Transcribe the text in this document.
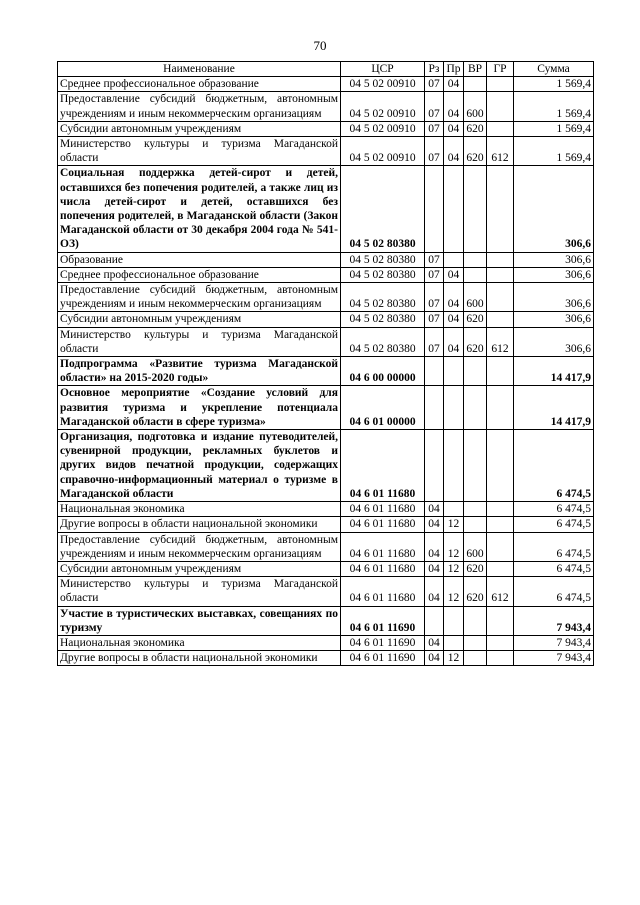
70
Наименование	ЦСР	Рз	Пр	ВР	ГР	Сумма
Среднее профессиональное образование	04 5 02 00910	07	04			1 569,4
Предоставление субсидий бюджетным, автономным учреждениям и иным некоммерческим организациям	04 5 02 00910	07	04	600		1 569,4
Субсидии автономным учреждениям	04 5 02 00910	07	04	620		1 569,4
Министерство культуры и туризма Магаданской области	04 5 02 00910	07	04	620	612	1 569,4
Социальная поддержка детей-сирот и детей, оставшихся без попечения родителей, а также лиц из числа детей-сирот и детей, оставшихся без попечения родителей, в Магаданской области (Закон Магаданской области от 30 декабря 2004 года № 541-ОЗ)	04 5 02 80380					306,6
Образование	04 5 02 80380	07				306,6
Среднее профессиональное образование	04 5 02 80380	07	04			306,6
Предоставление субсидий бюджетным, автономным учреждениям и иным некоммерческим организациям	04 5 02 80380	07	04	600		306,6
Субсидии автономным учреждениям	04 5 02 80380	07	04	620		306,6
Министерство культуры и туризма Магаданской области	04 5 02 80380	07	04	620	612	306,6
Подпрограмма «Развитие туризма Магаданской области» на 2015-2020 годы»	04 6 00 00000					14 417,9
Основное мероприятие «Создание условий для развития туризма и укрепление потенциала Магаданской области в сфере туризма»	04 6 01 00000					14 417,9
Организация, подготовка и издание путеводителей, сувенирной продукции, рекламных буклетов и других видов печатной продукции, содержащих справочно-информационный материал о туризме в Магаданской области	04 6 01 11680					6 474,5
Национальная экономика	04 6 01 11680	04				6 474,5
Другие вопросы в области национальной экономики	04 6 01 11680	04	12			6 474,5
Предоставление субсидий бюджетным, автономным учреждениям и иным некоммерческим организациям	04 6 01 11680	04	12	600		6 474,5
Субсидии автономным учреждениям	04 6 01 11680	04	12	620		6 474,5
Министерство культуры и туризма Магаданской области	04 6 01 11680	04	12	620	612	6 474,5
Участие в туристических выставках, совещаниях по туризму	04 6 01 11690					7 943,4
Национальная экономика	04 6 01 11690	04				7 943,4
Другие вопросы в области национальной экономики	04 6 01 11690	04	12			7 943,4
